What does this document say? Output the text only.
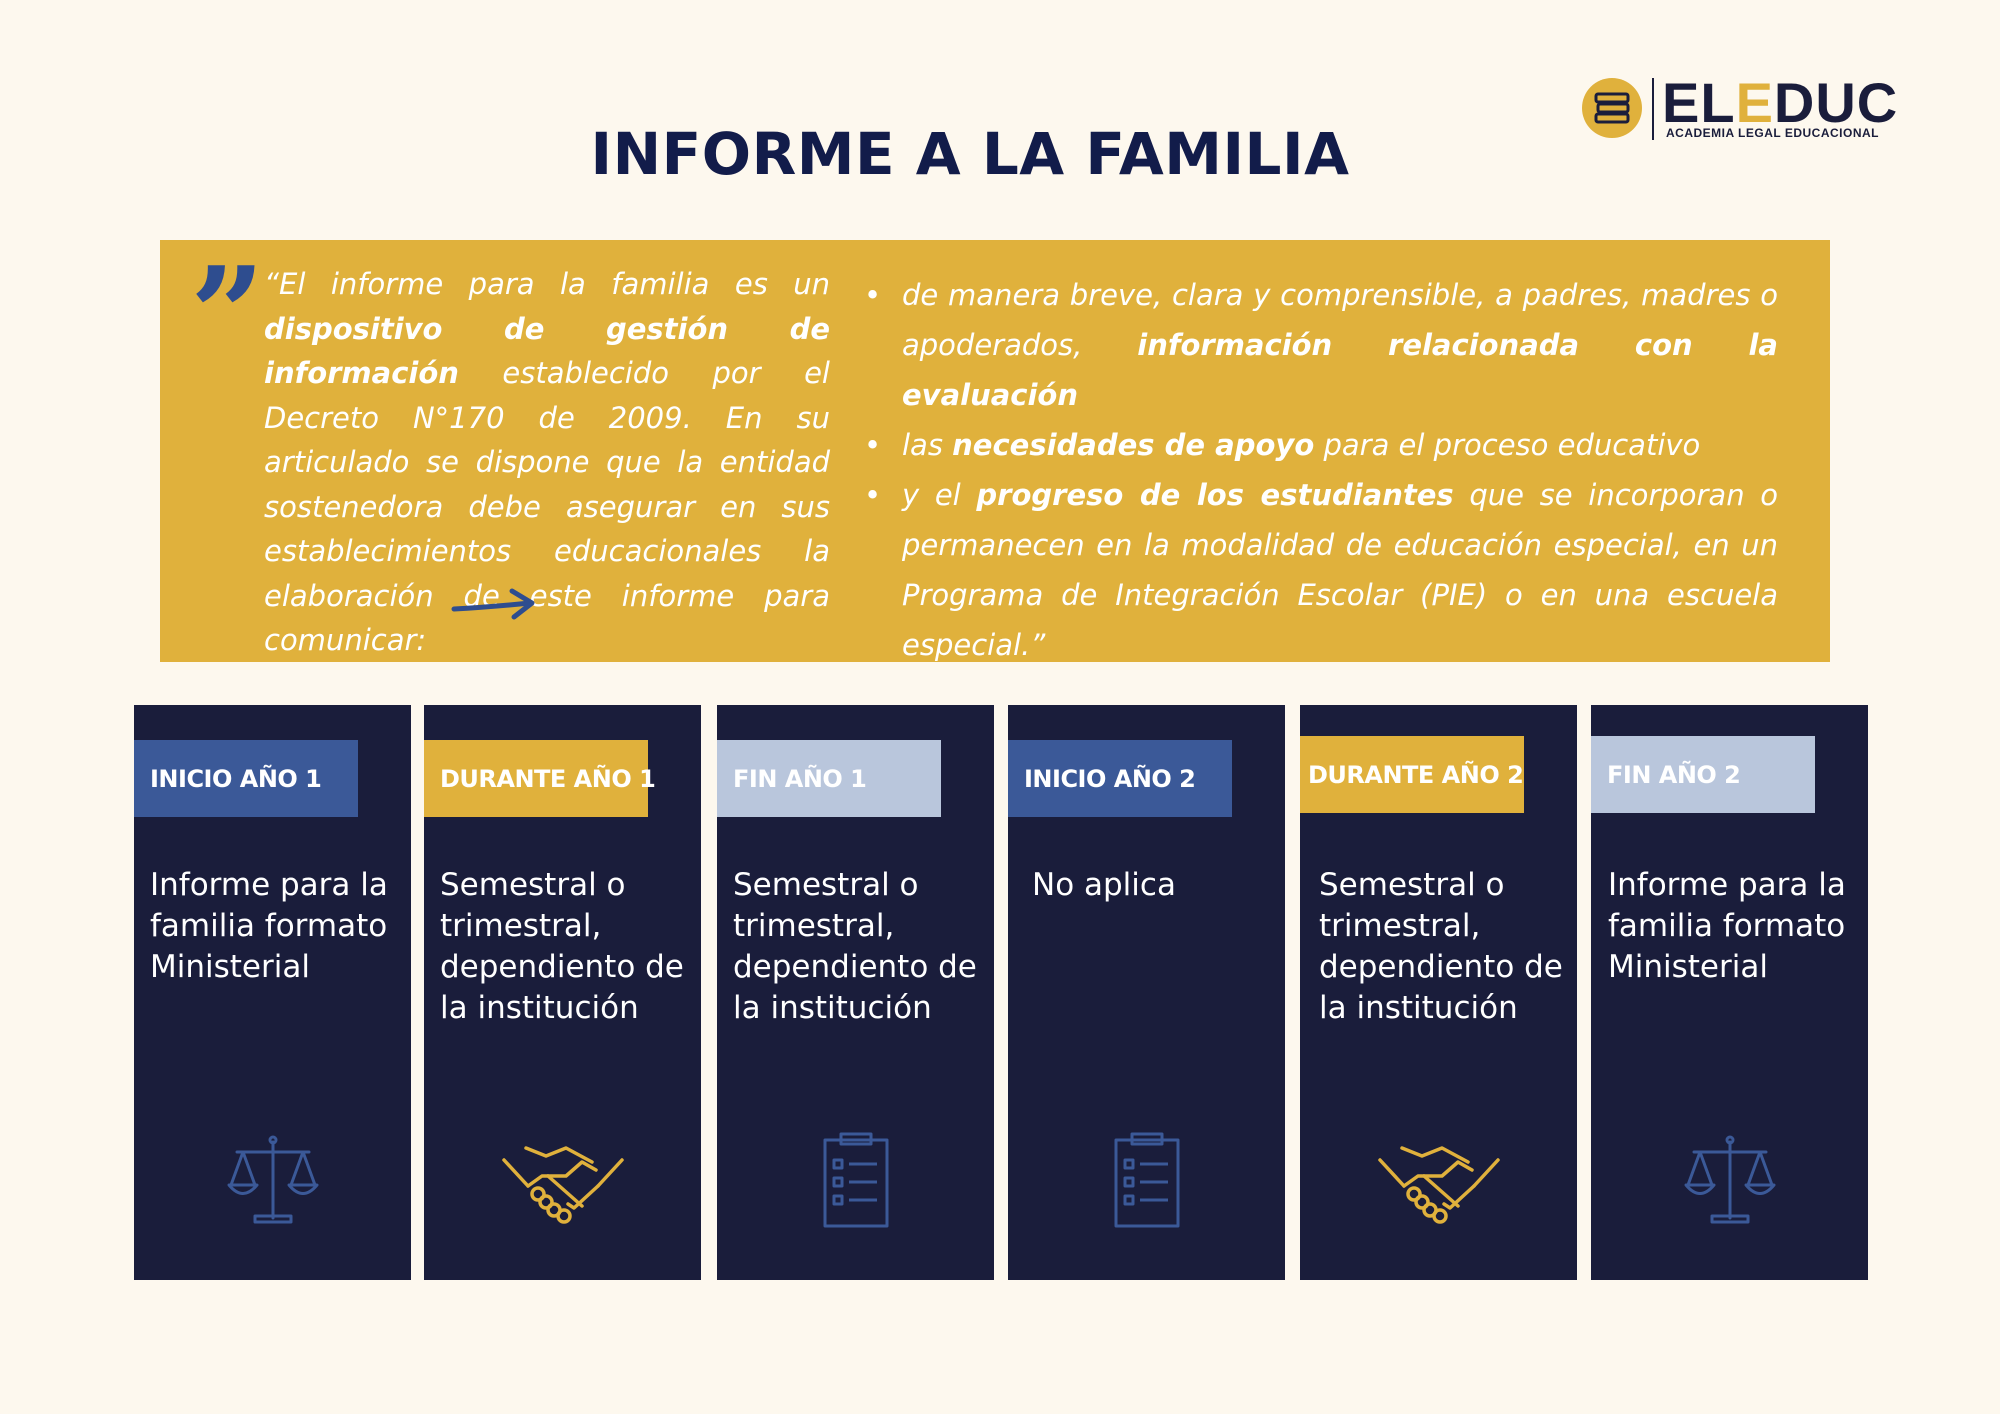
ELEDUC
ACADEMIA LEGAL EDUCACIONAL
INFORME A LA FAMILIA
” “El informe para la familia es un dispositivo de gestión de información establecido por el Decreto N°170 de 2009. En su articulado se dispone que la entidad sostenedora debe asegurar en sus establecimientos educacionales la elaboración de este informe para comunicar:
• de manera breve, clara y comprensible, a padres, madres o apoderados, información relacionada con la evaluación
• las necesidades de apoyo para el proceso educativo
• y el progreso de los estudiantes que se incorporan o permanecen en la modalidad de educación especial, en un Programa de Integración Escolar (PIE) o en una escuela especial.”
INICIO AÑO 1
Informe para la familia formato Ministerial
DURANTE AÑO 1
Semestral o trimestral, dependiento de la institución
FIN AÑO 1
Semestral o trimestral, dependiento de la institución
INICIO AÑO 2
No aplica
DURANTE AÑO 2
Semestral o trimestral, dependiento de la institución
FIN AÑO 2
Informe para la familia formato Ministerial
